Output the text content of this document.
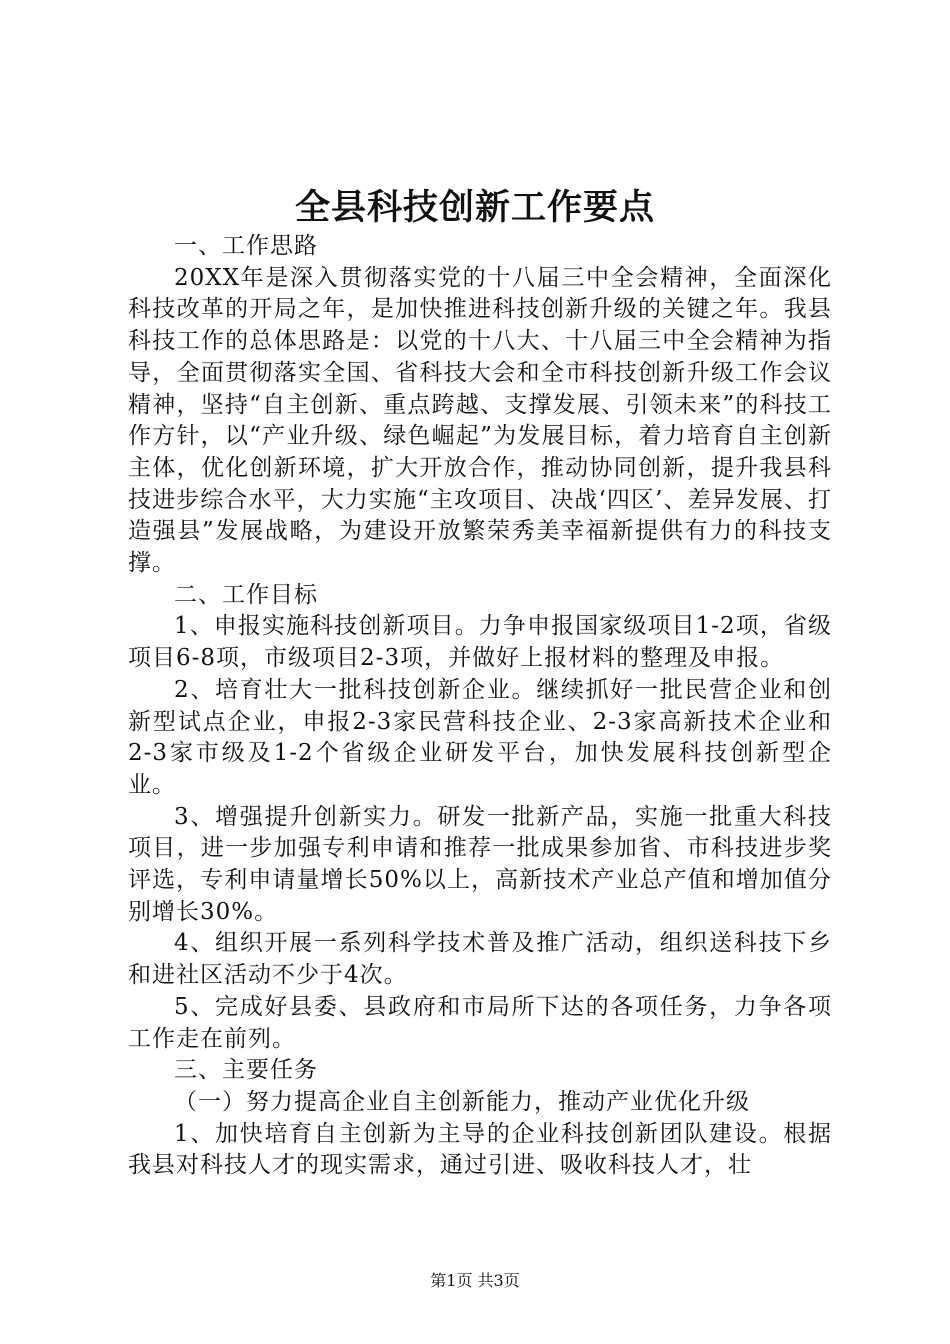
全县科技创新工作要点

一、工作思路

20XX年是深入贯彻落实党的十八届三中全会精神，全面深化科技改革的开局之年，是加快推进科技创新升级的关键之年。我县科技工作的总体思路是：以党的十八大、十八届三中全会精神为指导，全面贯彻落实全国、省科技大会和全市科技创新升级工作会议精神，坚持“自主创新、重点跨越、支撑发展、引领未来”的科技工作方针，以“产业升级、绿色崛起”为发展目标，着力培育自主创新主体，优化创新环境，扩大开放合作，推动协同创新，提升我县科技进步综合水平，大力实施“主攻项目、决战‘四区’、差异发展、打造强县”发展战略，为建设开放繁荣秀美幸福新提供有力的科技支撑。

二、工作目标

1、申报实施科技创新项目。力争申报国家级项目1-2项，省级项目6-8项，市级项目2-3项，并做好上报材料的整理及申报。

2、培育壮大一批科技创新企业。继续抓好一批民营企业和创新型试点企业，申报2-3家民营科技企业、2-3家高新技术企业和2-3家市级及1-2个省级企业研发平台，加快发展科技创新型企业。

3、增强提升创新实力。研发一批新产品，实施一批重大科技项目，进一步加强专利申请和推荐一批成果参加省、市科技进步奖评选，专利申请量增长50%以上，高新技术产业总产值和增加值分别增长30%。

4、组织开展一系列科学技术普及推广活动，组织送科技下乡和进社区活动不少于4次。

5、完成好县委、县政府和市局所下达的各项任务，力争各项工作走在前列。

三、主要任务

（一）努力提高企业自主创新能力，推动产业优化升级

1、加快培育自主创新为主导的企业科技创新团队建设。根据我县对科技人才的现实需求，通过引进、吸收科技人才，壮

第1页 共3页
